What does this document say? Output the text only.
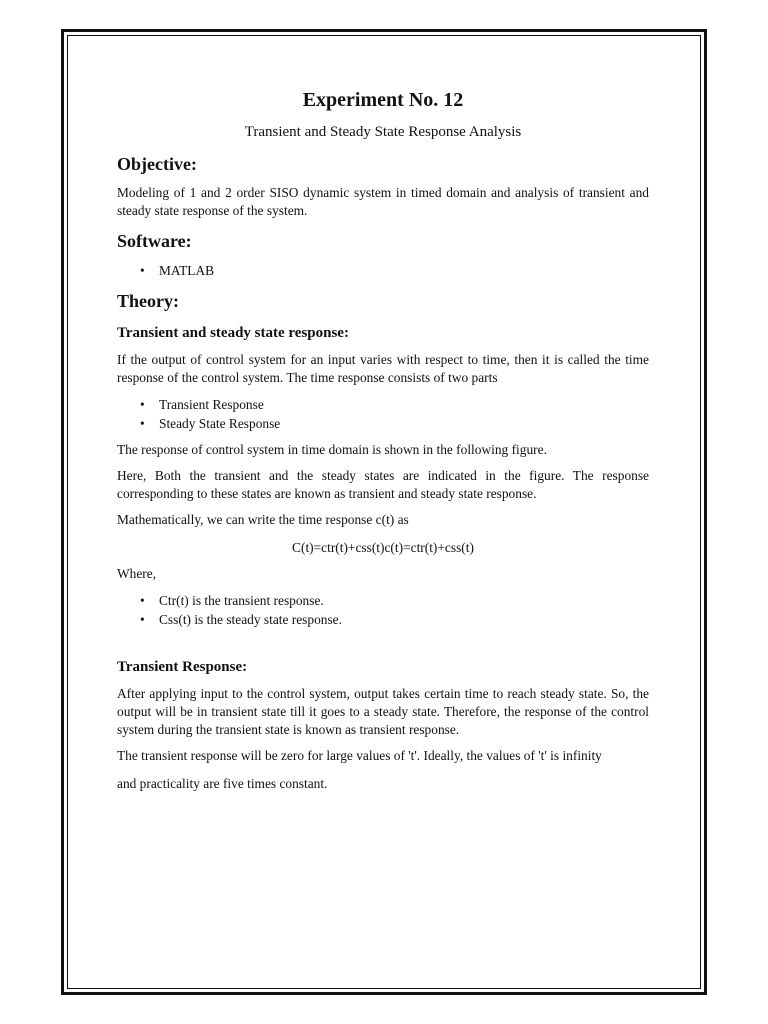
Experiment No. 12
Transient and Steady State Response Analysis
Objective:

Modeling of 1 and 2 order SISO dynamic system in timed domain and analysis of transient and steady state response of the system.

Software:
• MATLAB
Theory:
Transient and steady state response:

If the output of control system for an input varies with respect to time, then it is called the time response of the control system. The time response consists of two parts

• Transient Response
• Steady State Response

The response of control system in time domain is shown in the following figure.

Here, Both the transient and the steady states are indicated in the figure. The response corresponding to these states are known as transient and steady state response.

Mathematically, we can write the time response c(t) as

C(t)=ctr(t)+css(t)c(t)=ctr(t)+css(t)

Where,

• Ctr(t) is the transient response.
• Css(t) is the steady state response.
Transient Response:

After applying input to the control system, output takes certain time to reach steady state. So, the output will be in transient state till it goes to a steady state. Therefore, the response of the control system during the transient state is known as transient response.

The transient response will be zero for large values of 't'. Ideally, the values of 't' is infinity

and practicality are five times constant.
